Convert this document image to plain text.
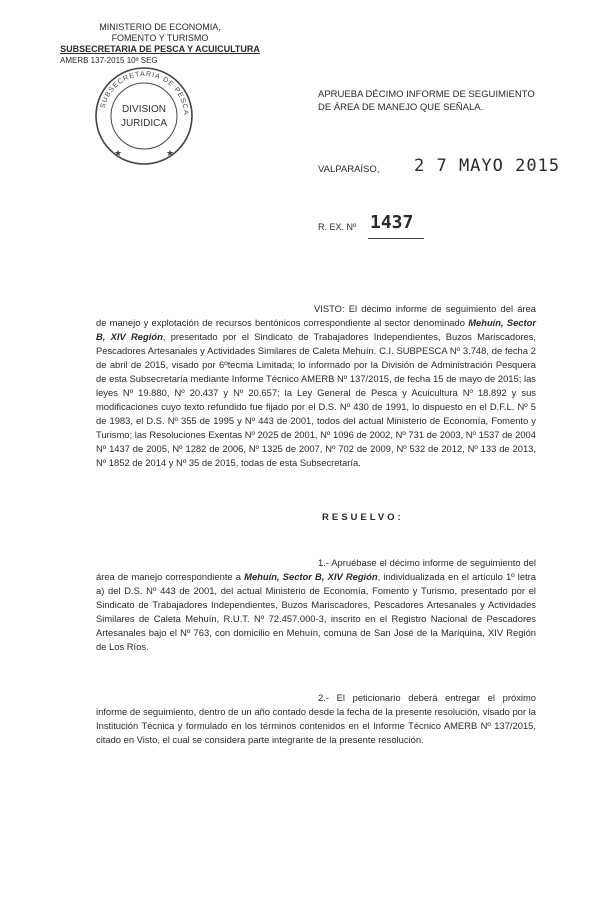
MINISTERIO DE ECONOMIA,
FOMENTO Y TURISMO
SUBSECRETARIA DE PESCA Y ACUICULTURA
AMERB 137-2015 10º SEG
SUBSECRETARIA DE PESCA
DIVISION
JURIDICA
★	★
APRUEBA DÉCIMO INFORME DE SEGUIMIENTO DE ÁREA DE MANEJO QUE SEÑALA.
VALPARAÍSO, 2 7 MAYO 2015
R. EX. Nº 1437
VISTO: El décimo informe de seguimiento del área de manejo y explotación de recursos bentónicos correspondiente al sector denominado Mehuín, Sector B, XIV Región, presentado por el Sindicato de Trabajadores Independientes, Buzos Mariscadores, Pescadores Artesanales y Actividades Similares de Caleta Mehuín. C.I. SUBPESCA Nº 3.748, de fecha 2 de abril de 2015, visado por 6ºtecma Limitada; lo informado por la División de Administración Pesquera de esta Subsecretaría mediante Informe Técnico AMERB Nº 137/2015, de fecha 15 de mayo de 2015; las leyes Nº 19.880, Nº 20.437 y Nº 20.657; la Ley General de Pesca y Acuicultura Nº 18.892 y sus modificaciones cuyo texto refundido fue fijado por el D.S. Nº 430 de 1991, lo dispuesto en el D.F.L. Nº 5 de 1983, el D.S. Nº 355 de 1995 y Nº 443 de 2001, todos del actual Ministerio de Economía, Fomento y Turismo; las Resoluciones Exentas Nº 2025 de 2001, Nº 1096 de 2002, Nº 731 de 2003, Nº 1537 de 2004 Nº 1437 de 2005, Nº 1282 de 2006, Nº 1325 de 2007, Nº 702 de 2009, Nº 532 de 2012, Nº 133 de 2013, Nº 1852 de 2014 y Nº 35 de 2015, todas de esta Subsecretaría.
RESUELVO:
1.- Apruébase el décimo informe de seguimiento del área de manejo correspondiente a Mehuín, Sector B, XIV Región, individualizada en el artículo 1º letra a) del D.S. Nº 443 de 2001, del actual Ministerio de Economía, Fomento y Turismo, presentado por el Sindicato de Trabajadores Independientes, Buzos Mariscadores, Pescadores Artesanales y Actividades Similares de Caleta Mehuín, R.U.T. Nº 72.457.000-3, inscrito en el Registro Nacional de Pescadores Artesanales bajo el Nº 763, con domicilio en Mehuín, comuna de San José de la Mariquina, XIV Región de Los Ríos.
2.- El peticionario deberá entregar el próximo informe de seguimiento, dentro de un año contado desde la fecha de la presente resolución, visado por la Institución Técnica y formulado en los términos contenidos en el Informe Técnico AMERB Nº 137/2015, citado en Visto, el cual se considera parte integrante de la presente resolución.
